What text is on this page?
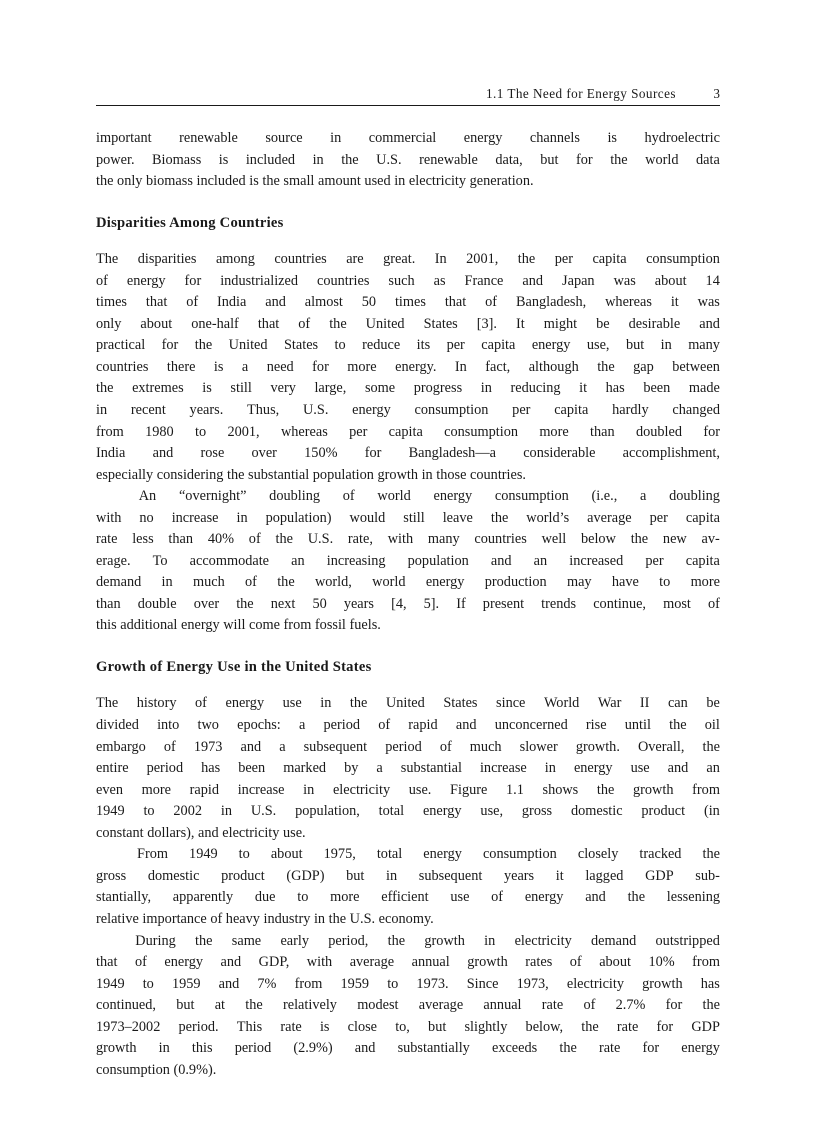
1.1 The Need for Energy Sources	3
important renewable source in commercial energy channels is hydroelectric
power. Biomass is included in the U.S. renewable data, but for the world data
the only biomass included is the small amount used in electricity generation.
Disparities Among Countries
The disparities among countries are great. In 2001, the per capita consumption
of energy for industrialized countries such as France and Japan was about 14
times that of India and almost 50 times that of Bangladesh, whereas it was
only about one-half that of the United States [3]. It might be desirable and
practical for the United States to reduce its per capita energy use, but in many
countries there is a need for more energy. In fact, although the gap between
the extremes is still very large, some progress in reducing it has been made
in recent years. Thus, U.S. energy consumption per capita hardly changed
from 1980 to 2001, whereas per capita consumption more than doubled for
India and rose over 150% for Bangladesh—a considerable accomplishment,
especially considering the substantial population growth in those countries.
An “overnight” doubling of world energy consumption (i.e., a doubling
with no increase in population) would still leave the world’s average per capita
rate less than 40% of the U.S. rate, with many countries well below the new av-
erage. To accommodate an increasing population and an increased per capita
demand in much of the world, world energy production may have to more
than double over the next 50 years [4, 5]. If present trends continue, most of
this additional energy will come from fossil fuels.
Growth of Energy Use in the United States
The history of energy use in the United States since World War II can be
divided into two epochs: a period of rapid and unconcerned rise until the oil
embargo of 1973 and a subsequent period of much slower growth. Overall, the
entire period has been marked by a substantial increase in energy use and an
even more rapid increase in electricity use. Figure 1.1 shows the growth from
1949 to 2002 in U.S. population, total energy use, gross domestic product (in
constant dollars), and electricity use.
From 1949 to about 1975, total energy consumption closely tracked the
gross domestic product (GDP) but in subsequent years it lagged GDP sub-
stantially, apparently due to more efficient use of energy and the lessening
relative importance of heavy industry in the U.S. economy.
During the same early period, the growth in electricity demand outstripped
that of energy and GDP, with average annual growth rates of about 10% from
1949 to 1959 and 7% from 1959 to 1973. Since 1973, electricity growth has
continued, but at the relatively modest average annual rate of 2.7% for the
1973–2002 period. This rate is close to, but slightly below, the rate for GDP
growth in this period (2.9%) and substantially exceeds the rate for energy
consumption (0.9%).
